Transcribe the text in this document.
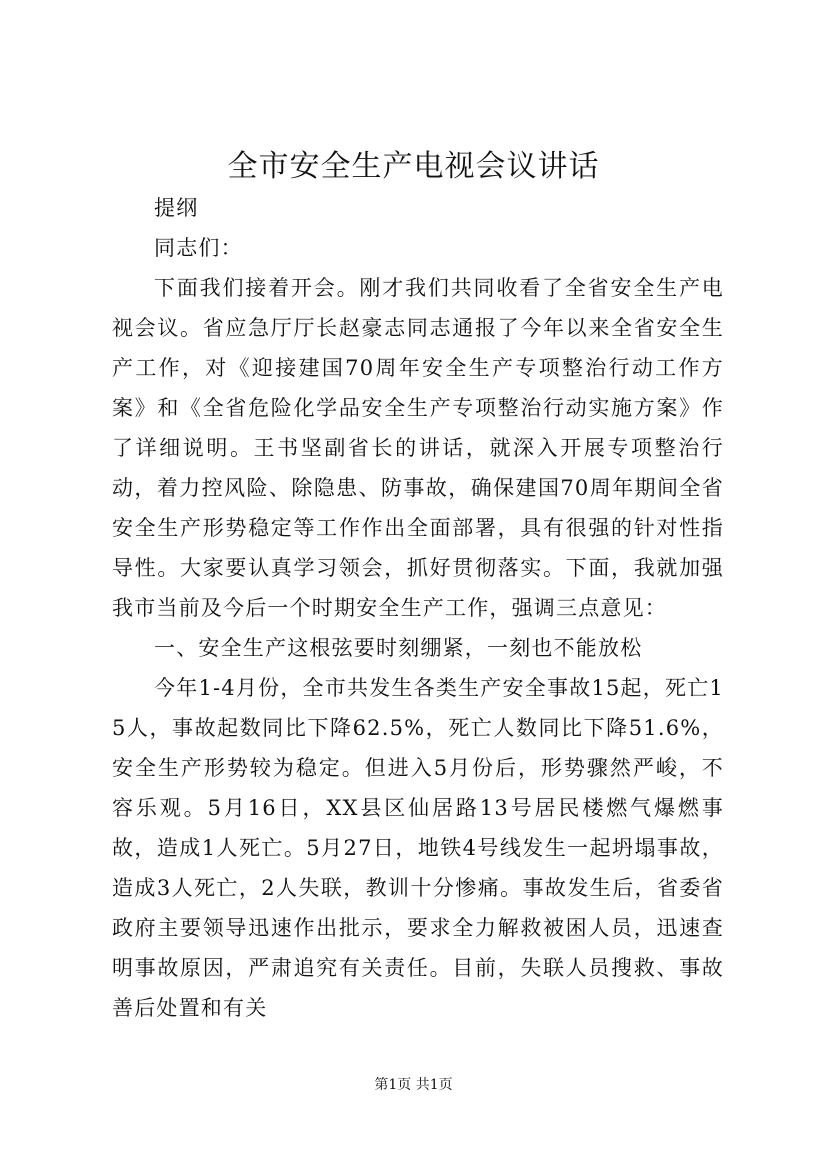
全市安全生产电视会议讲话

提纲

同志们：

下面我们接着开会。刚才我们共同收看了全省安全生产电视会议。省应急厅厅长赵豪志同志通报了今年以来全省安全生产工作，对《迎接建国70周年安全生产专项整治行动工作方案》和《全省危险化学品安全生产专项整治行动实施方案》作了详细说明。王书坚副省长的讲话，就深入开展专项整治行动，着力控风险、除隐患、防事故，确保建国70周年期间全省安全生产形势稳定等工作作出全面部署，具有很强的针对性指导性。大家要认真学习领会，抓好贯彻落实。下面，我就加强我市当前及今后一个时期安全生产工作，强调三点意见：

一、安全生产这根弦要时刻绷紧，一刻也不能放松

今年1-4月份，全市共发生各类生产安全事故15起，死亡15人，事故起数同比下降62.5%，死亡人数同比下降51.6%，安全生产形势较为稳定。但进入5月份后，形势骤然严峻，不容乐观。5月16日，XX县区仙居路13号居民楼燃气爆燃事故，造成1人死亡。5月27日，地铁4号线发生一起坍塌事故，造成3人死亡，2人失联，教训十分惨痛。事故发生后，省委省政府主要领导迅速作出批示，要求全力解救被困人员，迅速查明事故原因，严肃追究有关责任。目前，失联人员搜救、事故善后处置和有关

第1页 共1页
